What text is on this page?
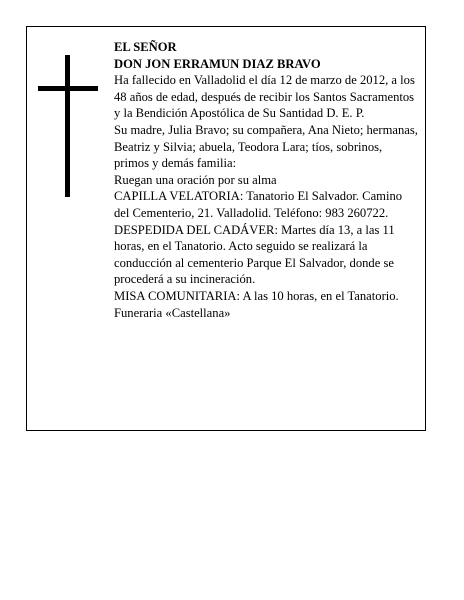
EL SEÑOR

DON JON ERRAMUN DIAZ BRAVO

Ha fallecido en Valladolid el día 12 de marzo de 2012, a los 48 años de edad, después de recibir los Santos Sacramentos y la Bendición Apostólica de Su Santidad D. E. P.

Su madre, Julia Bravo; su compañera, Ana Nieto; hermanas, Beatriz y Silvia; abuela, Teodora Lara; tíos, sobrinos, primos y demás familia:

Ruegan una oración por su alma

CAPILLA VELATORIA: Tanatorio El Salvador. Camino del Cementerio, 21. Valladolid. Teléfono: 983 260722.

DESPEDIDA DEL CADÁVER: Martes día 13, a las 11 horas, en el Tanatorio. Acto seguido se realizará la conducción al cementerio Parque El Salvador, donde se procederá a su incineración.

MISA COMUNITARIA: A las 10 horas, en el Tanatorio.

Funeraria «Castellana»
